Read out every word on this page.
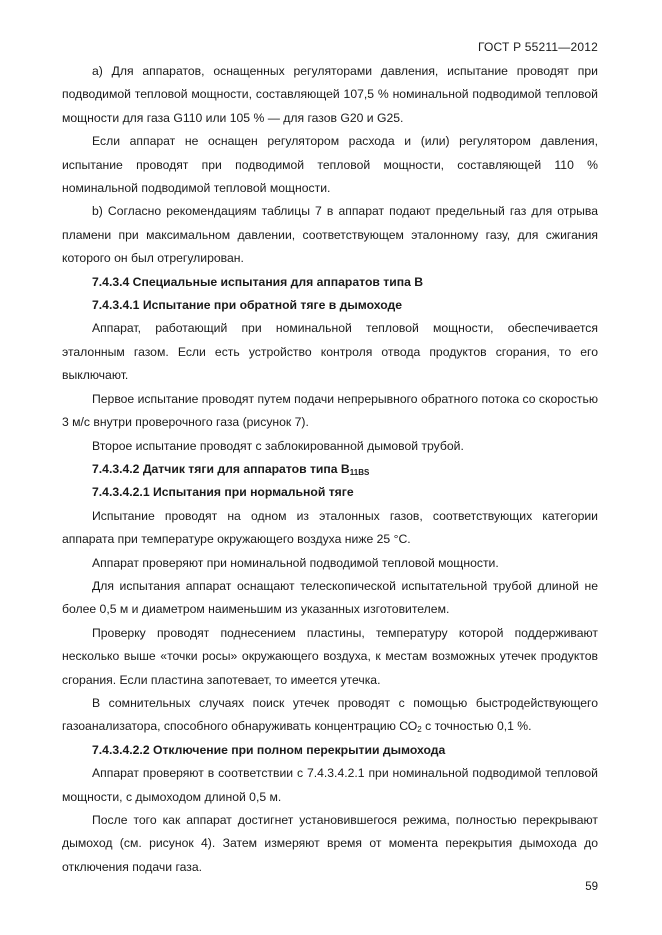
ГОСТ Р 55211—2012

а) Для аппаратов, оснащенных регуляторами давления, испытание проводят при подводимой тепловой мощности, составляющей 107,5 % номинальной подводимой тепловой мощности для газа G110 или 105 % — для газов G20 и G25.

Если аппарат не оснащен регулятором расхода и (или) регулятором давления, испытание проводят при подводимой тепловой мощности, составляющей 110 % номинальной подводимой тепловой мощности.

b) Согласно рекомендациям таблицы 7 в аппарат подают предельный газ для отрыва пламени при максимальном давлении, соответствующем эталонному газу, для сжигания которого он был отрегулирован.

7.4.3.4 Специальные испытания для аппаратов типа В

7.4.3.4.1 Испытание при обратной тяге в дымоходе

Аппарат, работающий при номинальной тепловой мощности, обеспечивается эталонным газом. Если есть устройство контроля отвода продуктов сгорания, то его выключают.

Первое испытание проводят путем подачи непрерывного обратного потока со скоростью 3 м/с внутри проверочного газа (рисунок 7).

Второе испытание проводят с заблокированной дымовой трубой.

7.4.3.4.2 Датчик тяги для аппаратов типа $В_{11BS}$

7.4.3.4.2.1 Испытания при нормальной тяге

Испытание проводят на одном из эталонных газов, соответствующих категории аппарата при температуре окружающего воздуха ниже 25 °С.

Аппарат проверяют при номинальной подводимой тепловой мощности.

Для испытания аппарат оснащают телескопической испытательной трубой длиной не более 0,5 м и диаметром наименьшим из указанных изготовителем.

Проверку проводят поднесением пластины, температуру которой поддерживают несколько выше «точки росы» окружающего воздуха, к местам возможных утечек продуктов сгорания. Если пластина запотевает, то имеется утечка.

В сомнительных случаях поиск утечек проводят с помощью быстродействующего газоанализатора, способного обнаруживать концентрацию $СО_2$ с точностью 0,1 %.

7.4.3.4.2.2 Отключение при полном перекрытии дымохода

Аппарат проверяют в соответствии с 7.4.3.4.2.1 при номинальной подводимой тепловой мощности, с дымоходом длиной 0,5 м.

После того как аппарат достигнет установившегося режима, полностью перекрывают дымоход (см. рисунок 4). Затем измеряют время от момента перекрытия дымохода до отключения подачи газа.

59
